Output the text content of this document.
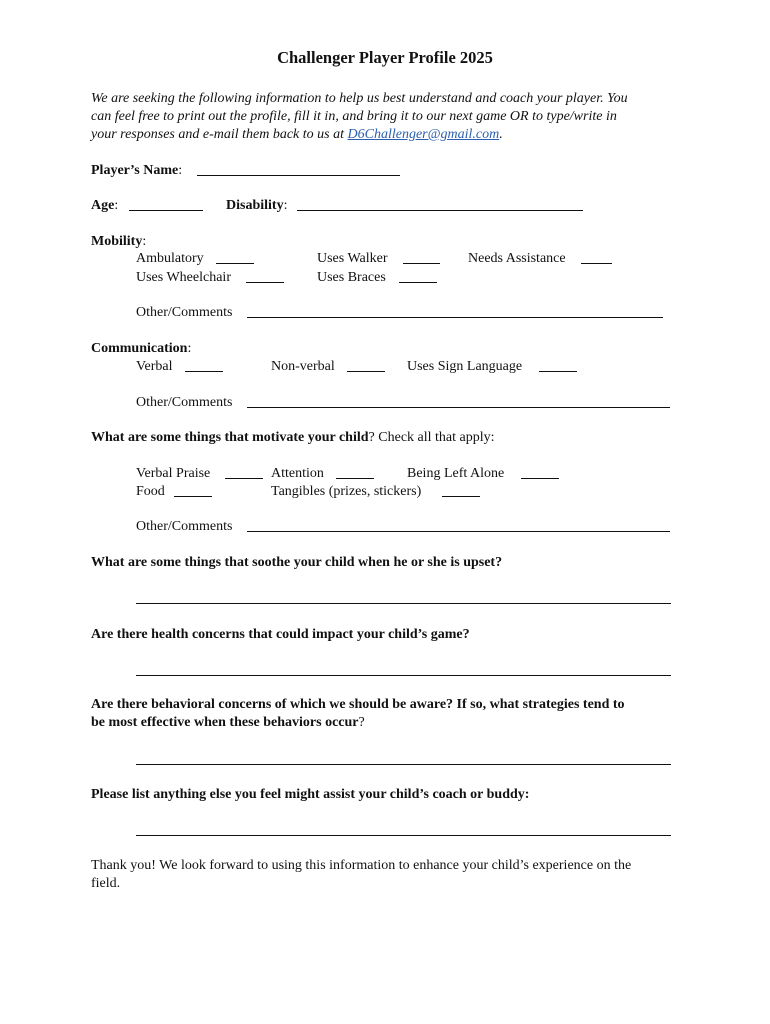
Challenger Player Profile 2025
We are seeking the following information to help us best understand and coach your player. You
can feel free to print out the profile, fill it in, and bring it to our next game OR to type/write in
your responses and e-mail them back to us at D6Challenger@gmail.com.
Player’s Name:
Age:	Disability:
Mobility:
Ambulatory	Uses Walker	Needs Assistance
Uses Wheelchair	Uses Braces
Other/Comments
Communication:
Verbal	Non-verbal	Uses Sign Language
Other/Comments
What are some things that motivate your child? Check all that apply:
Verbal Praise	Attention	Being Left Alone
Food	Tangibles (prizes, stickers)
Other/Comments
What are some things that soothe your child when he or she is upset?
Are there health concerns that could impact your child’s game?
Are there behavioral concerns of which we should be aware? If so, what strategies tend to
be most effective when these behaviors occur?
Please list anything else you feel might assist your child’s coach or buddy:
Thank you! We look forward to using this information to enhance your child’s experience on the
field.
